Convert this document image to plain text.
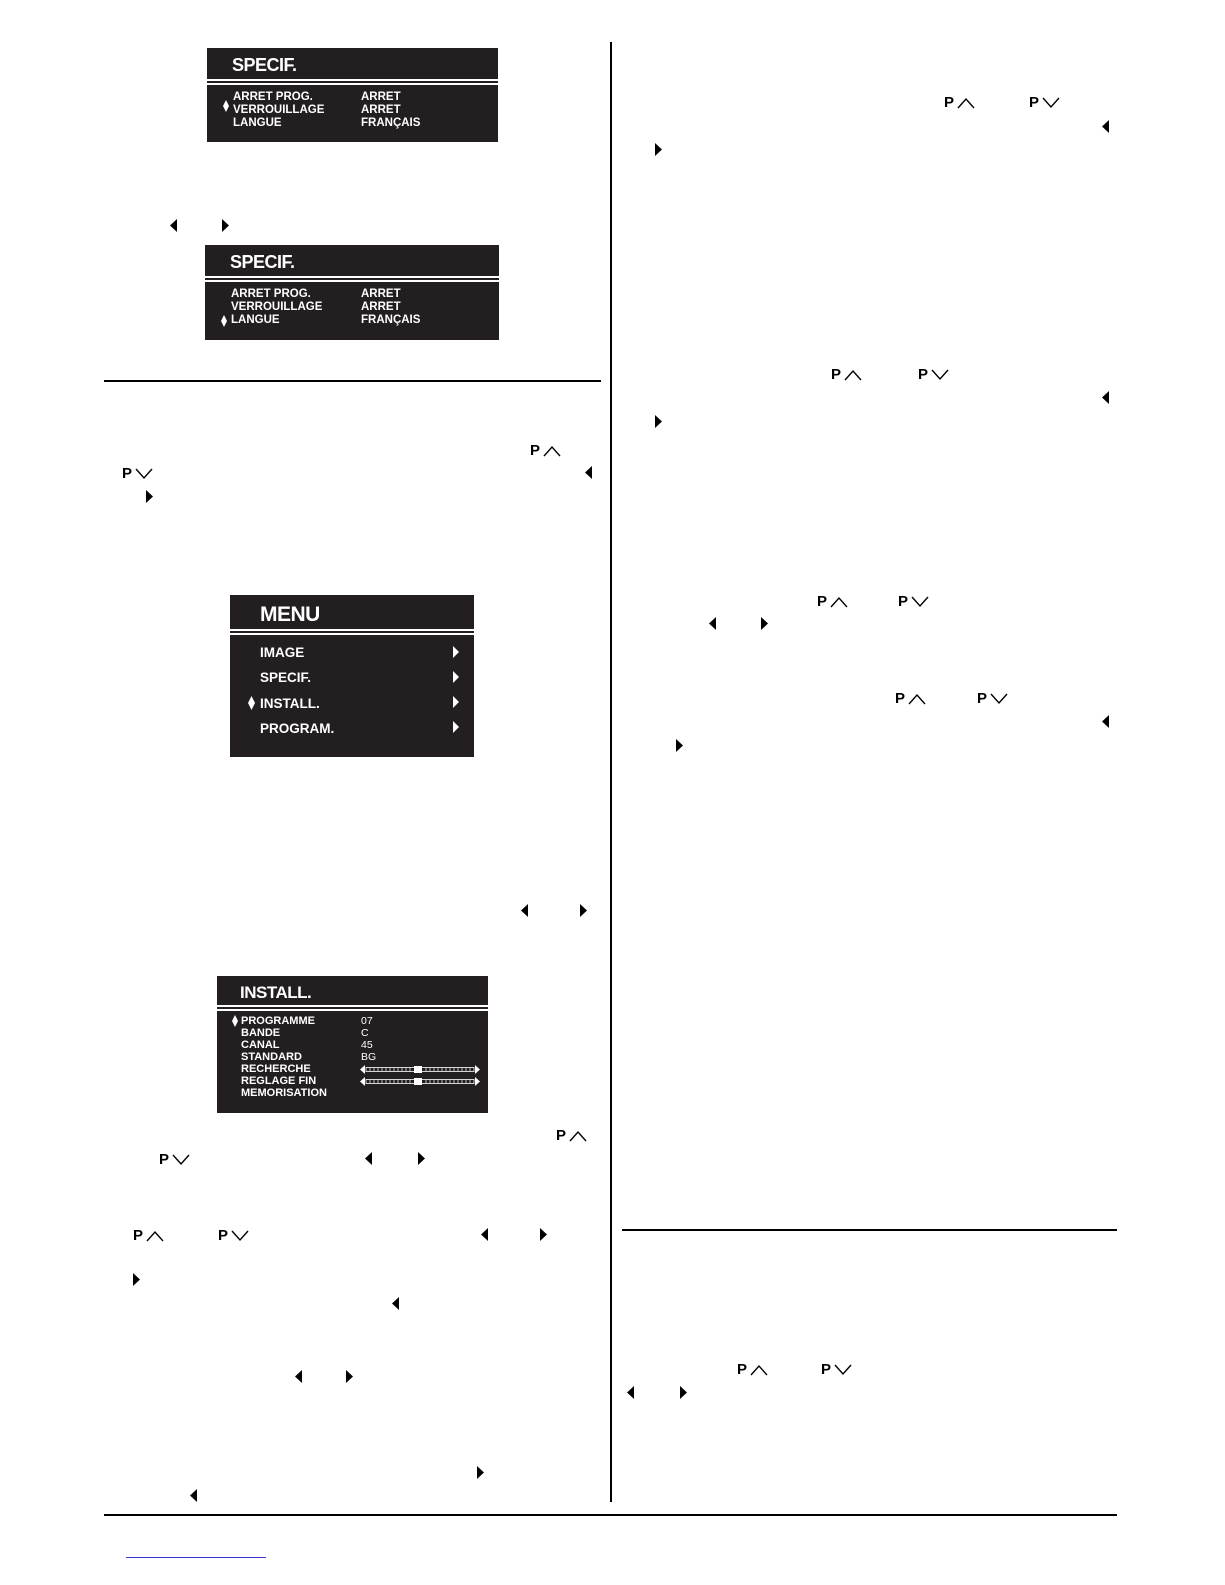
SPECIF.
ARRET PROG.	ARRET
VERROUILLAGE	ARRET
LANGUE	FRANÇAIS
SPECIF.
ARRET PROG.	ARRET
VERROUILLAGE	ARRET
LANGUE	FRANÇAIS
MENU
IMAGE
SPECIF.
INSTALL.
PROGRAM.
INSTALL.
PROGRAMME	07
BANDE	C
CANAL	45
STANDARD	BG
RECHERCHE
REGLAGE FIN
MEMORISATION
P
P
P
P
P	P
P	P
P	P
P	P
P	P
P	P
